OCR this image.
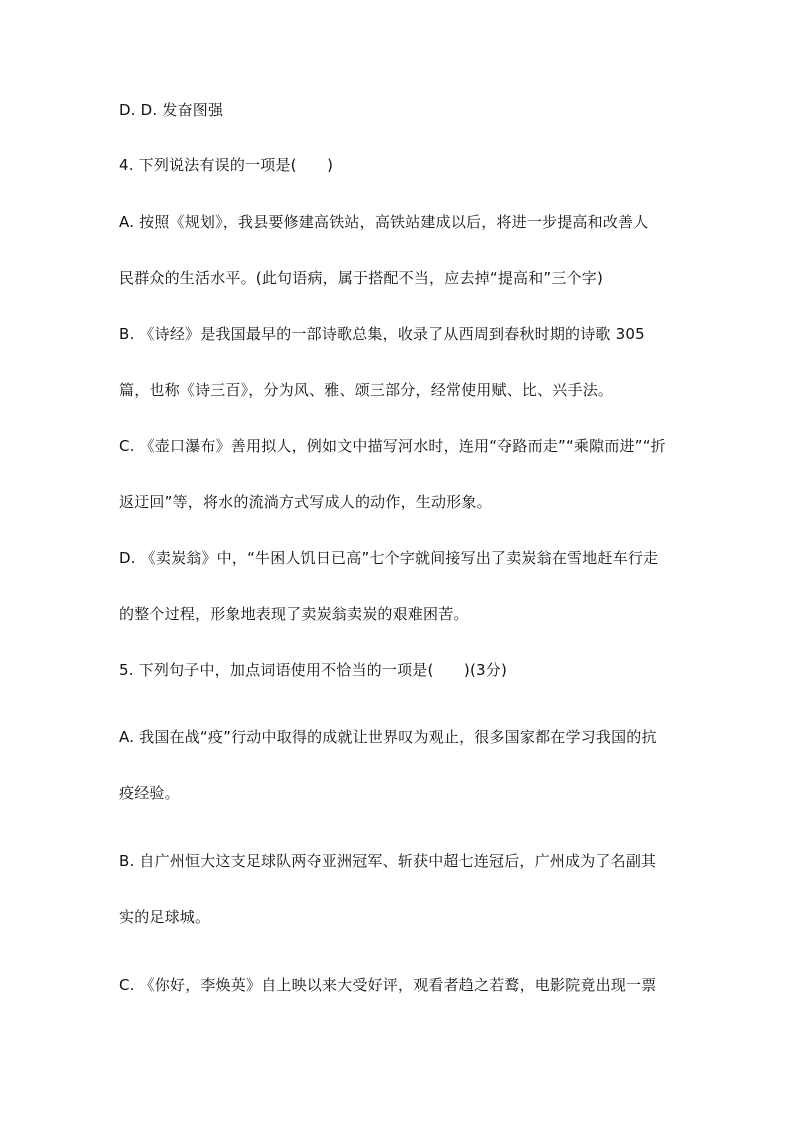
D. D. 发奋图强
4. 下列说法有误的一项是(　　)
A. 按照《规划》，我县要修建高铁站，高铁站建成以后，将进一步提高和改善人
民群众的生活水平。(此句语病，属于搭配不当，应去掉“提高和”三个字)
B. 《诗经》是我国最早的一部诗歌总集，收录了从西周到春秋时期的诗歌 305
篇，也称《诗三百》，分为风、雅、颂三部分，经常使用赋、比、兴手法。
C. 《壶口瀑布》善用拟人，例如文中描写河水时，连用“夺路而走”“乘隙而进”“折
返迂回”等，将水的流淌方式写成人的动作，生动形象。
D. 《卖炭翁》中，“牛困人饥日已高”七个字就间接写出了卖炭翁在雪地赶车行走
的整个过程，形象地表现了卖炭翁卖炭的艰难困苦。
5. 下列句子中，加点词语使用不恰当的一项是(　　)(3分)
A. 我国在战“疫”行动中取得的成就让世界叹为观止，很多国家都在学习我国的抗
疫经验。
B. 自广州恒大这支足球队两夺亚洲冠军、斩获中超七连冠后，广州成为了名副其
实的足球城。
C. 《你好，李焕英》自上映以来大受好评，观看者趋之若鹜，电影院竟出现一票
